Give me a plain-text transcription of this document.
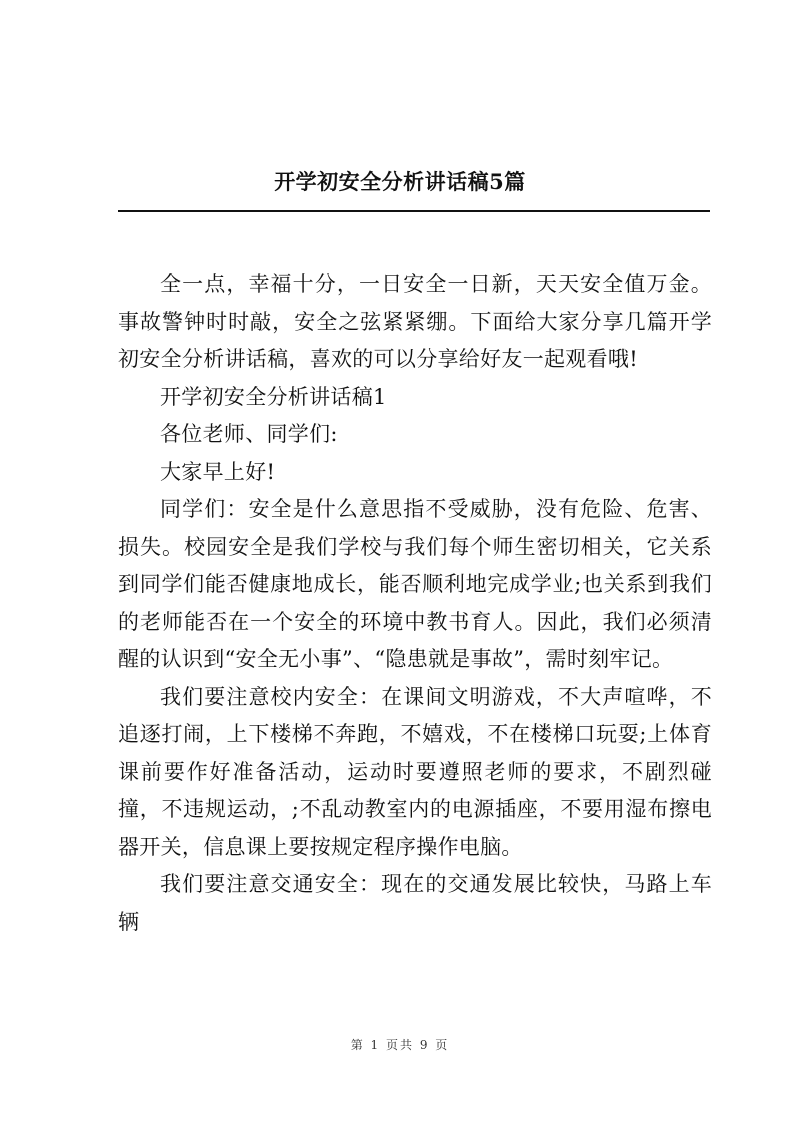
开学初安全分析讲话稿5篇

全一点，幸福十分，一日安全一日新，天天安全值万金。事故警钟时时敲，安全之弦紧紧绷。下面给大家分享几篇开学初安全分析讲话稿，喜欢的可以分享给好友一起观看哦!

开学初安全分析讲话稿1

各位老师、同学们:

大家早上好!

同学们：安全是什么意思指不受威胁，没有危险、危害、损失。校园安全是我们学校与我们每个师生密切相关，它关系到同学们能否健康地成长，能否顺利地完成学业;也关系到我们的老师能否在一个安全的环境中教书育人。因此，我们必须清醒的认识到“安全无小事”、“隐患就是事故”，需时刻牢记。

我们要注意校内安全：在课间文明游戏，不大声喧哗，不追逐打闹，上下楼梯不奔跑，不嬉戏，不在楼梯口玩耍;上体育课前要作好准备活动，运动时要遵照老师的要求，不剧烈碰撞，不违规运动，;不乱动教室内的电源插座，不要用湿布擦电器开关，信息课上要按规定程序操作电脑。

我们要注意交通安全：现在的交通发展比较快，马路上车辆

第 1 页共 9 页
